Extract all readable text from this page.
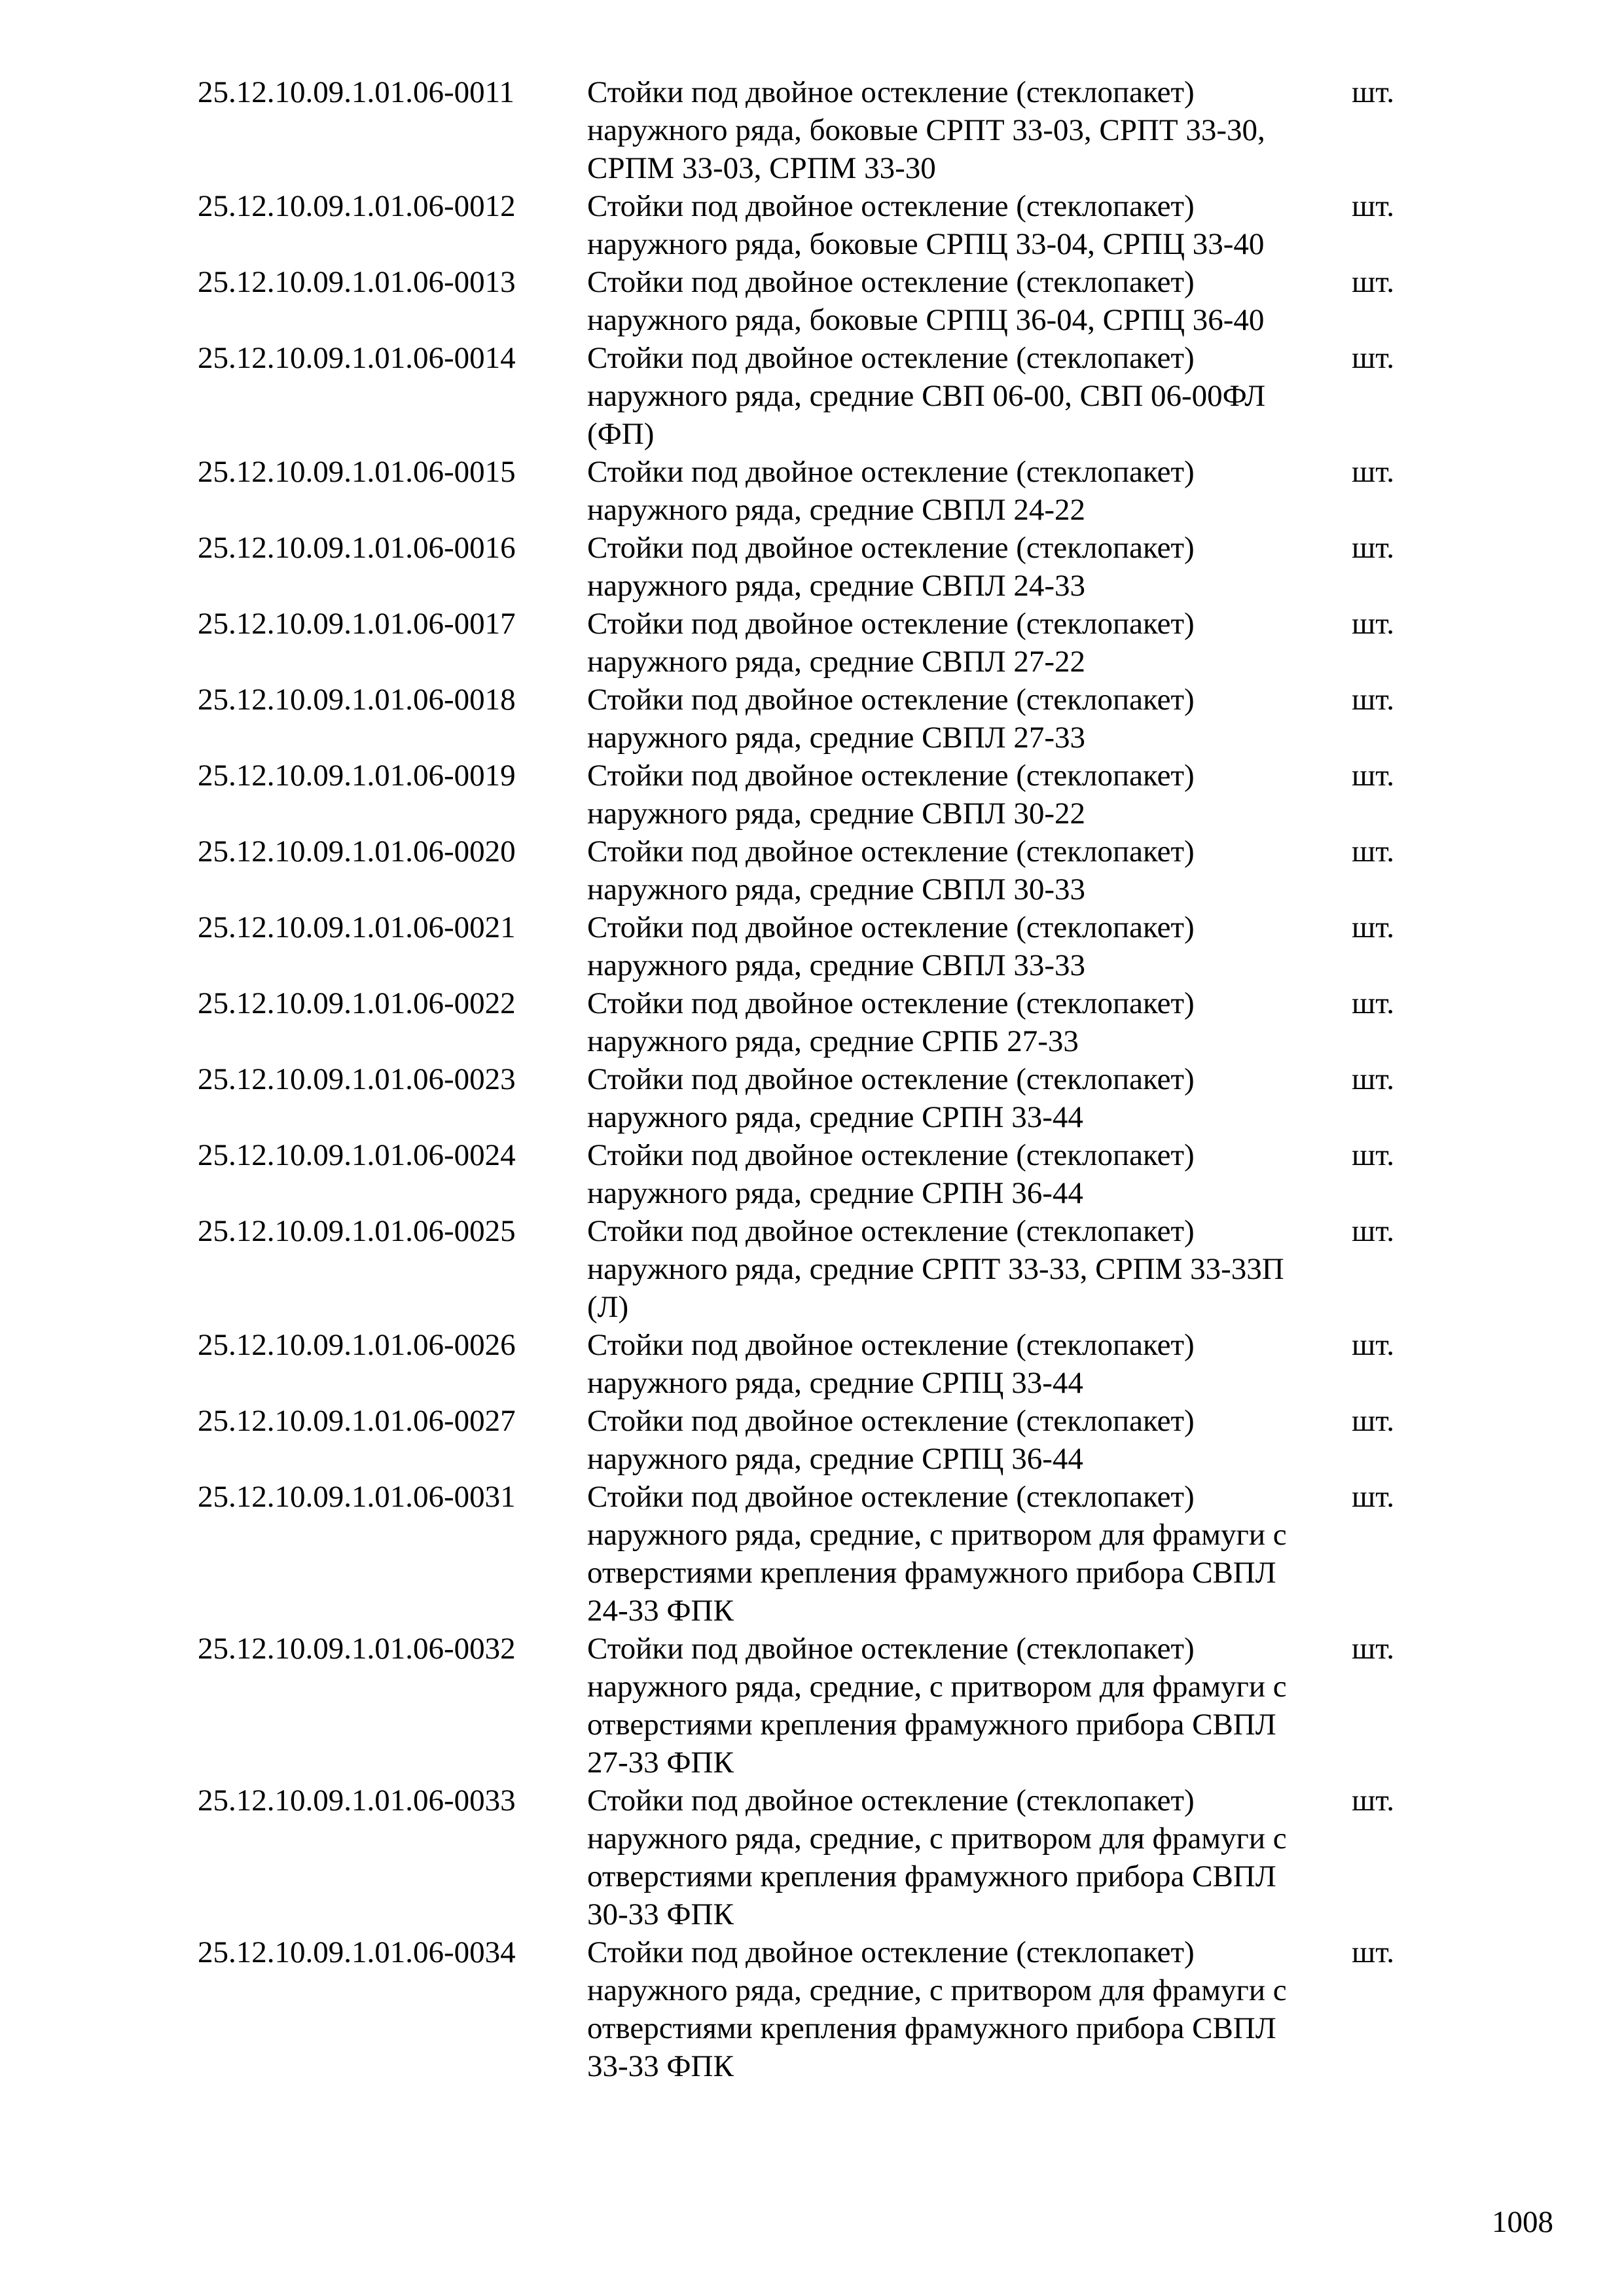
25.12.10.09.1.01.06-0011	Стойки под двойное остекление (стеклопакет)
наружного ряда, боковые СРПТ 33-03, СРПТ 33-30,
СРПМ 33-03, СРПМ 33-30
шт.
25.12.10.09.1.01.06-0012	Стойки под двойное остекление (стеклопакет)
наружного ряда, боковые СРПЦ 33-04, СРПЦ 33-40
шт.
25.12.10.09.1.01.06-0013	Стойки под двойное остекление (стеклопакет)
наружного ряда, боковые СРПЦ 36-04, СРПЦ 36-40
шт.
25.12.10.09.1.01.06-0014	Стойки под двойное остекление (стеклопакет)
наружного ряда, средние СВП 06-00, СВП 06-00ФЛ
(ФП)
шт.
25.12.10.09.1.01.06-0015	Стойки под двойное остекление (стеклопакет)
наружного ряда, средние СВПЛ 24-22
шт.
25.12.10.09.1.01.06-0016	Стойки под двойное остекление (стеклопакет)
наружного ряда, средние СВПЛ 24-33
шт.
25.12.10.09.1.01.06-0017	Стойки под двойное остекление (стеклопакет)
наружного ряда, средние СВПЛ 27-22
шт.
25.12.10.09.1.01.06-0018	Стойки под двойное остекление (стеклопакет)
наружного ряда, средние СВПЛ 27-33
шт.
25.12.10.09.1.01.06-0019	Стойки под двойное остекление (стеклопакет)
наружного ряда, средние СВПЛ 30-22
шт.
25.12.10.09.1.01.06-0020	Стойки под двойное остекление (стеклопакет)
наружного ряда, средние СВПЛ 30-33
шт.
25.12.10.09.1.01.06-0021	Стойки под двойное остекление (стеклопакет)
наружного ряда, средние СВПЛ 33-33
шт.
25.12.10.09.1.01.06-0022	Стойки под двойное остекление (стеклопакет)
наружного ряда, средние СРПБ 27-33
шт.
25.12.10.09.1.01.06-0023	Стойки под двойное остекление (стеклопакет)
наружного ряда, средние СРПН 33-44
шт.
25.12.10.09.1.01.06-0024	Стойки под двойное остекление (стеклопакет)
наружного ряда, средние СРПН 36-44
шт.
25.12.10.09.1.01.06-0025	Стойки под двойное остекление (стеклопакет)
наружного ряда, средние СРПТ 33-33, СРПМ 33-33П
(Л)
шт.
25.12.10.09.1.01.06-0026	Стойки под двойное остекление (стеклопакет)
наружного ряда, средние СРПЦ 33-44
шт.
25.12.10.09.1.01.06-0027	Стойки под двойное остекление (стеклопакет)
наружного ряда, средние СРПЦ 36-44
шт.
25.12.10.09.1.01.06-0031	Стойки под двойное остекление (стеклопакет)
наружного ряда, средние, с притвором для фрамуги с
отверстиями крепления фрамужного прибора СВПЛ
24-33 ФПК
шт.
25.12.10.09.1.01.06-0032	Стойки под двойное остекление (стеклопакет)
наружного ряда, средние, с притвором для фрамуги с
отверстиями крепления фрамужного прибора СВПЛ
27-33 ФПК
шт.
25.12.10.09.1.01.06-0033	Стойки под двойное остекление (стеклопакет)
наружного ряда, средние, с притвором для фрамуги с
отверстиями крепления фрамужного прибора СВПЛ
30-33 ФПК
шт.
25.12.10.09.1.01.06-0034	Стойки под двойное остекление (стеклопакет)
наружного ряда, средние, с притвором для фрамуги с
отверстиями крепления фрамужного прибора СВПЛ
33-33 ФПК
шт.
1008
